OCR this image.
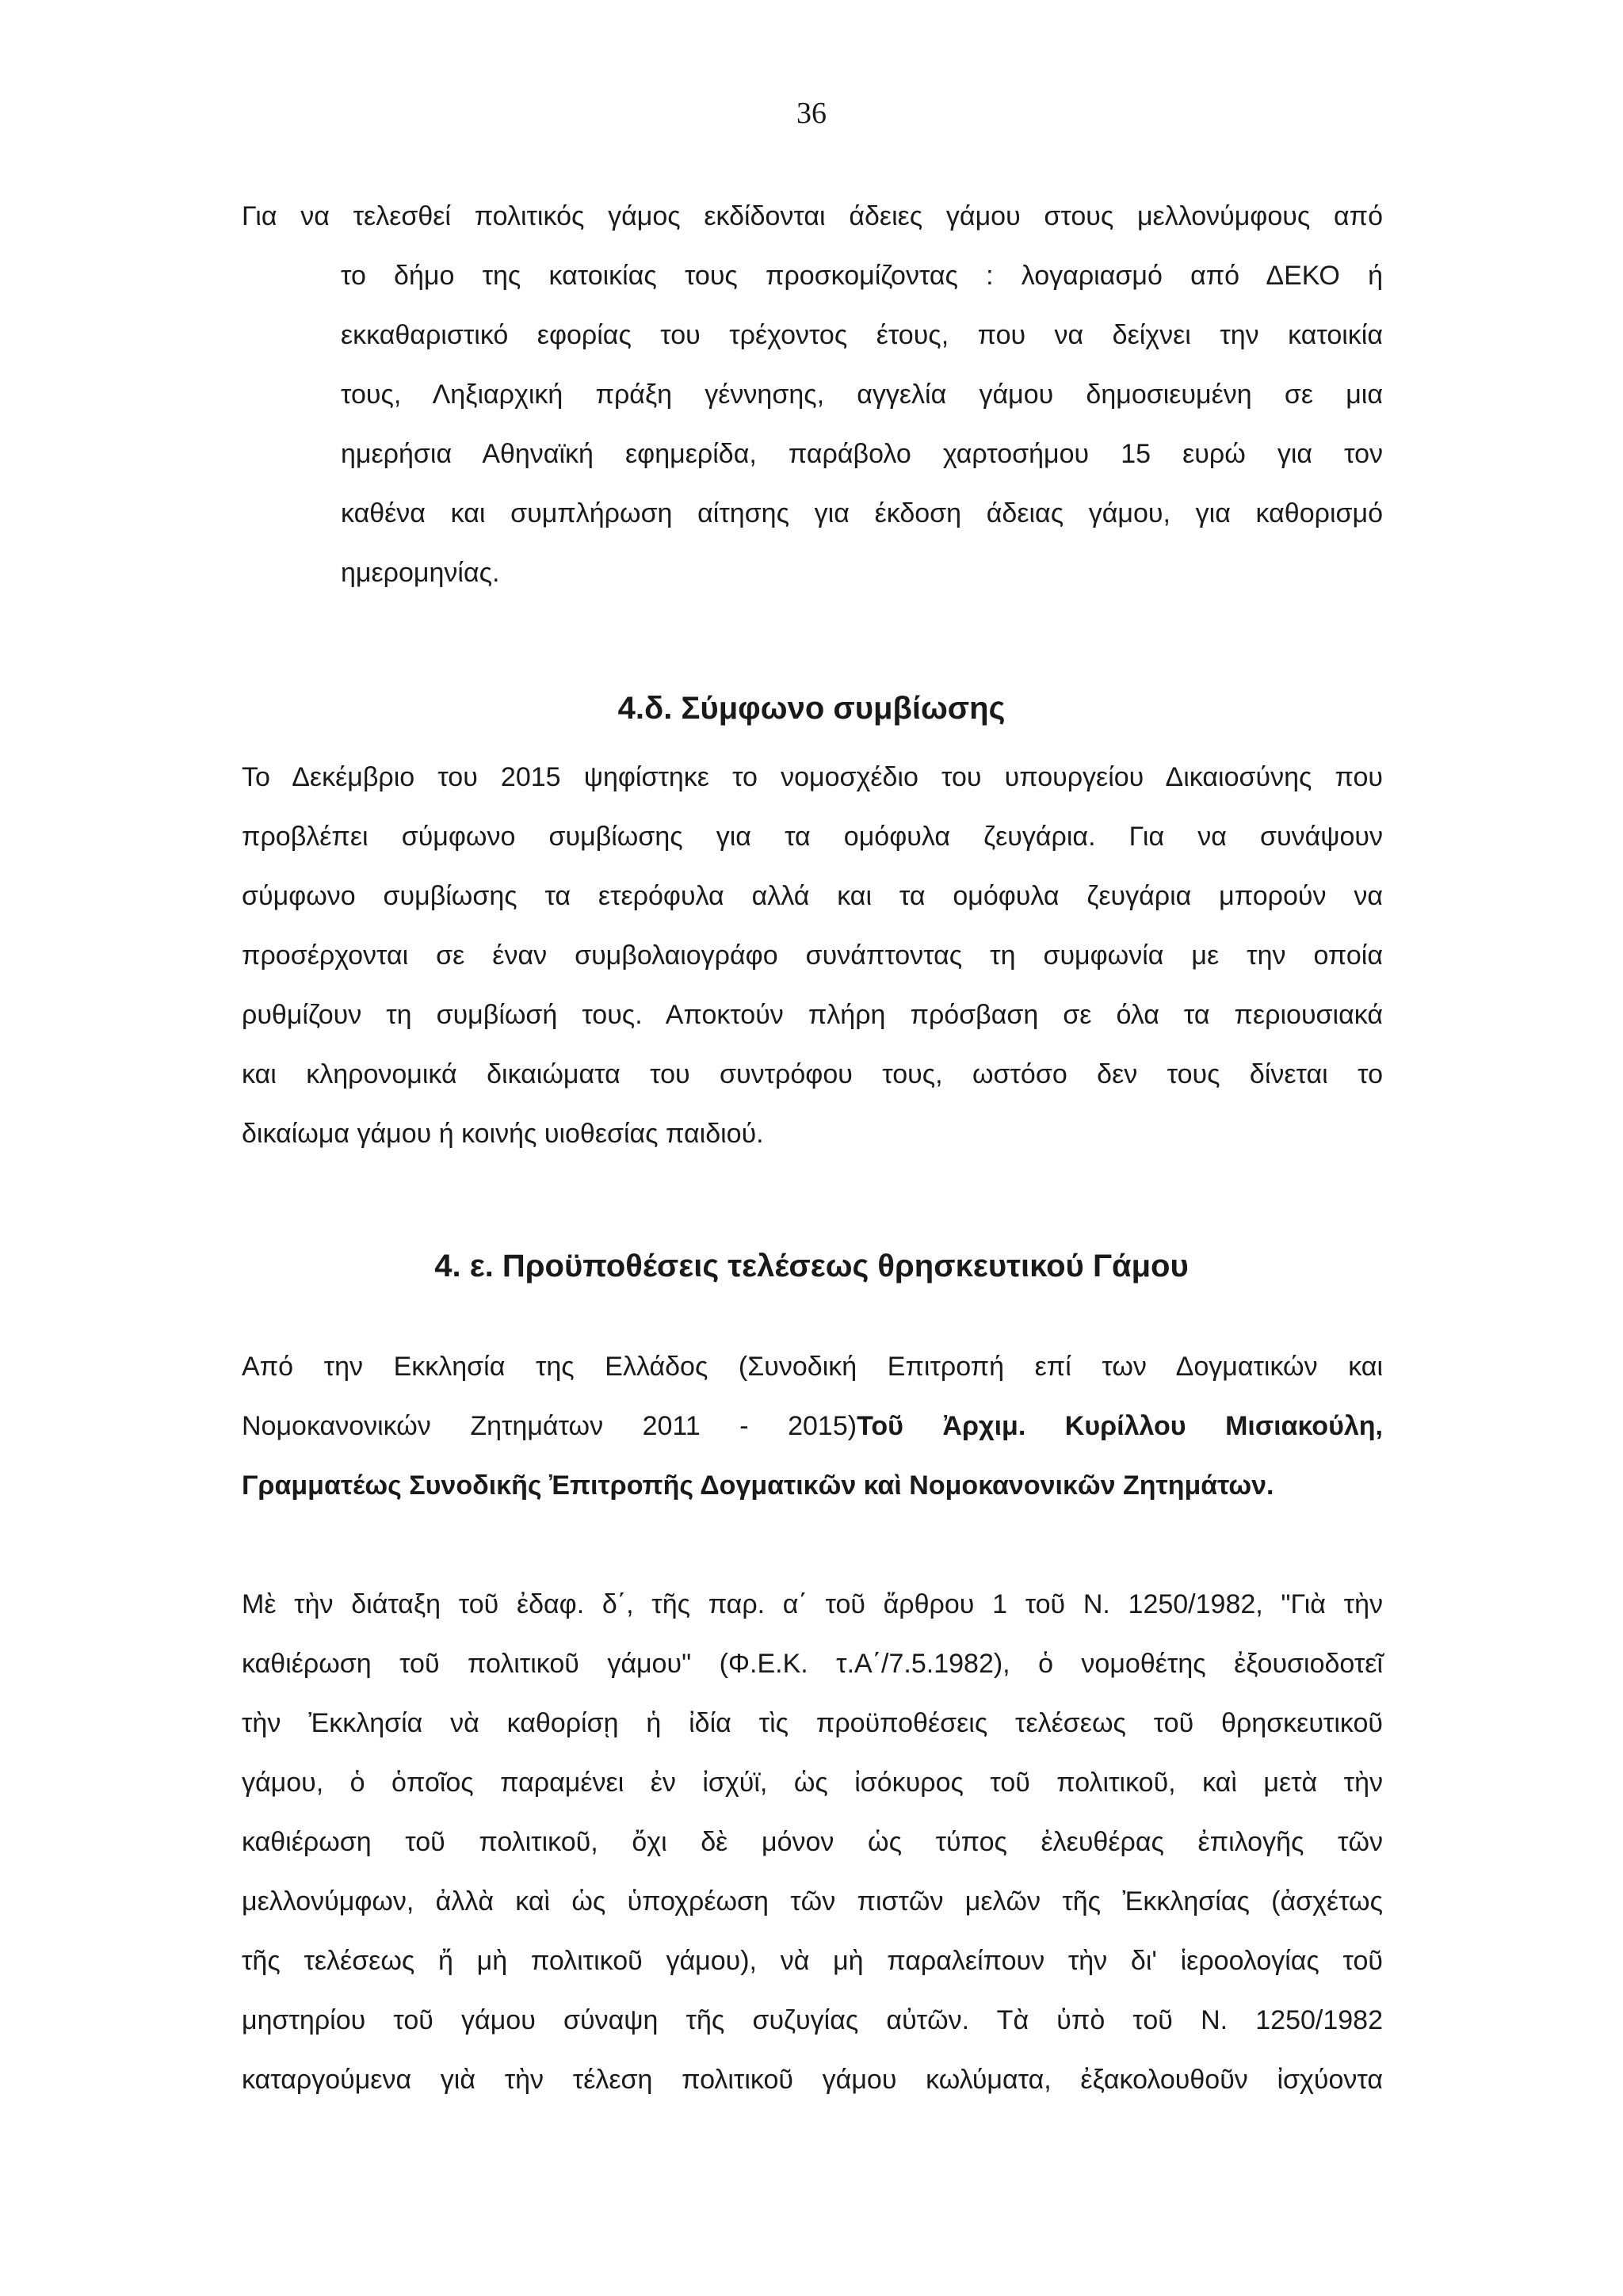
36
Για να τελεσθεί πολιτικός γάμος εκδίδονται άδειες γάμου στους μελλονύμφους από
το δήμο της κατοικίας τους προσκομίζοντας : λογαριασμό από ΔΕΚΟ ή
εκκαθαριστικό εφορίας του τρέχοντος έτους, που να δείχνει την κατοικία
τους, Ληξιαρχική πράξη γέννησης, αγγελία γάμου δημοσιευμένη σε μια
ημερήσια Αθηναϊκή εφημερίδα, παράβολο χαρτοσήμου 15 ευρώ για τον
καθένα και συμπλήρωση αίτησης για έκδοση άδειας γάμου, για καθορισμό
ημερομηνίας.
4.δ. Σύμφωνο συμβίωσης
Το Δεκέμβριο του 2015 ψηφίστηκε το νομοσχέδιο του υπουργείου Δικαιοσύνης που
προβλέπει σύμφωνο συμβίωσης για τα ομόφυλα ζευγάρια. Για να συνάψουν
σύμφωνο συμβίωσης τα ετερόφυλα αλλά και τα ομόφυλα ζευγάρια μπορούν να
προσέρχονται σε έναν συμβολαιογράφο συνάπτοντας τη συμφωνία με την οποία
ρυθμίζουν τη συμβίωσή τους. Αποκτούν πλήρη πρόσβαση σε όλα τα περιουσιακά
και κληρονομικά δικαιώματα του συντρόφου τους, ωστόσο δεν τους δίνεται το
δικαίωμα γάμου ή κοινής υιοθεσίας παιδιού.
4. ε. Προϋποθέσεις τελέσεως θρησκευτικού Γάμου
Από την Εκκλησία της Ελλάδος (Συνοδική Επιτροπή επί των Δογματικών και
Νομοκανονικών Ζητημάτων 2011 - 2015)Τοῦ Ἀρχιμ. Κυρίλλου Μισιακούλη,
Γραμματέως Συνοδικῆς Ἐπιτροπῆς Δογματικῶν καὶ Νομοκανονικῶν Ζητημάτων.
Μὲ τὴν διάταξη τοῦ ἐδαφ. δ΄, τῆς παρ. α΄ τοῦ ἄρθρου 1 τοῦ Ν. 1250/1982, "Γιὰ τὴν
καθιέρωση τοῦ πολιτικοῦ γάμου" (Φ.Ε.Κ. τ.Α΄/7.5.1982), ὁ νομοθέτης ἐξουσιοδοτεῖ
τὴν Ἐκκλησία νὰ καθορίσῃ ἡ ἰδία τὶς προϋποθέσεις τελέσεως τοῦ θρησκευτικοῦ
γάμου, ὁ ὁποῖος παραμένει ἐν ἰσχύϊ, ὡς ἰσόκυρος τοῦ πολιτικοῦ, καὶ μετὰ τὴν
καθιέρωση τοῦ πολιτικοῦ, ὄχι δὲ μόνον ὡς τύπος ἐλευθέρας ἐπιλογῆς τῶν
μελλονύμφων, ἀλλὰ καὶ ὡς ὑποχρέωση τῶν πιστῶν μελῶν τῆς Ἐκκλησίας (ἀσχέτως
τῆς τελέσεως ἤ μὴ πολιτικοῦ γάμου), νὰ μὴ παραλείπουν τὴν δι' ἱεροολογίας τοῦ
μηστηρίου τοῦ γάμου σύναψη τῆς συζυγίας αὐτῶν. Τὰ ὑπὸ τοῦ Ν. 1250/1982
καταργούμενα γιὰ τὴν τέλεση πολιτικοῦ γάμου κωλύματα, ἐξακολουθοῦν ἰσχύοντα
